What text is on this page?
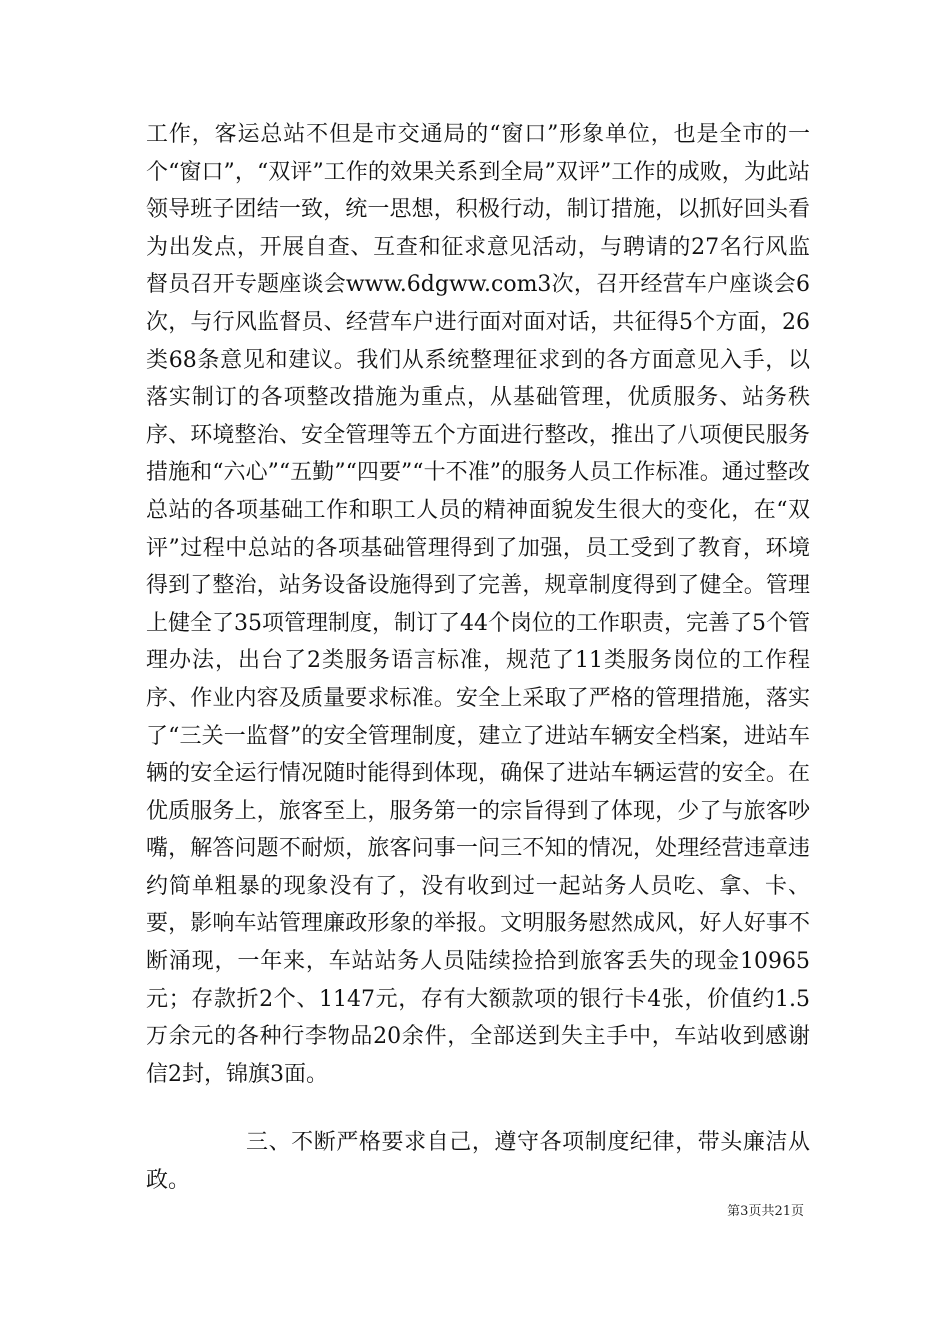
工作，客运总站不但是市交通局的“窗口”形象单位，也是全市的一个“窗口”，“双评”工作的效果关系到全局”双评”工作的成败，为此站领导班子团结一致，统一思想，积极行动，制订措施，以抓好回头看为出发点，开展自查、互查和征求意见活动，与聘请的27名行风监督员召开专题座谈会www.6dgww.com3次，召开经营车户座谈会6次，与行风监督员、经营车户进行面对面对话，共征得5个方面，26类68条意见和建议。我们从系统整理征求到的各方面意见入手，以落实制订的各项整改措施为重点，从基础管理，优质服务、站务秩序、环境整治、安全管理等五个方面进行整改，推出了八项便民服务措施和“六心”“五勤”“四要”“十不准”的服务人员工作标准。通过整改总站的各项基础工作和职工人员的精神面貌发生很大的变化，在“双评”过程中总站的各项基础管理得到了加强，员工受到了教育，环境得到了整治，站务设备设施得到了完善，规章制度得到了健全。管理上健全了35项管理制度，制订了44个岗位的工作职责，完善了5个管理办法，出台了2类服务语言标准，规范了11类服务岗位的工作程序、作业内容及质量要求标准。安全上采取了严格的管理措施，落实了“三关一监督”的安全管理制度，建立了进站车辆安全档案，进站车辆的安全运行情况随时能得到体现，确保了进站车辆运营的安全。在优质服务上，旅客至上，服务第一的宗旨得到了体现，少了与旅客吵嘴，解答问题不耐烦，旅客问事一问三不知的情况，处理经营违章违约简单粗暴的现象没有了，没有收到过一起站务人员吃、拿、卡、要，影响车站管理廉政形象的举报。文明服务慰然成风，好人好事不断涌现，一年来，车站站务人员陆续捡拾到旅客丢失的现金10965元；存款折2个、1147元，存有大额款项的银行卡4张，价值约1.5万余元的各种行李物品20余件，全部送到失主手中，车站收到感谢信2封，锦旗3面。

三、不断严格要求自己，遵守各项制度纪律，带头廉洁从政。

第3页共21页
